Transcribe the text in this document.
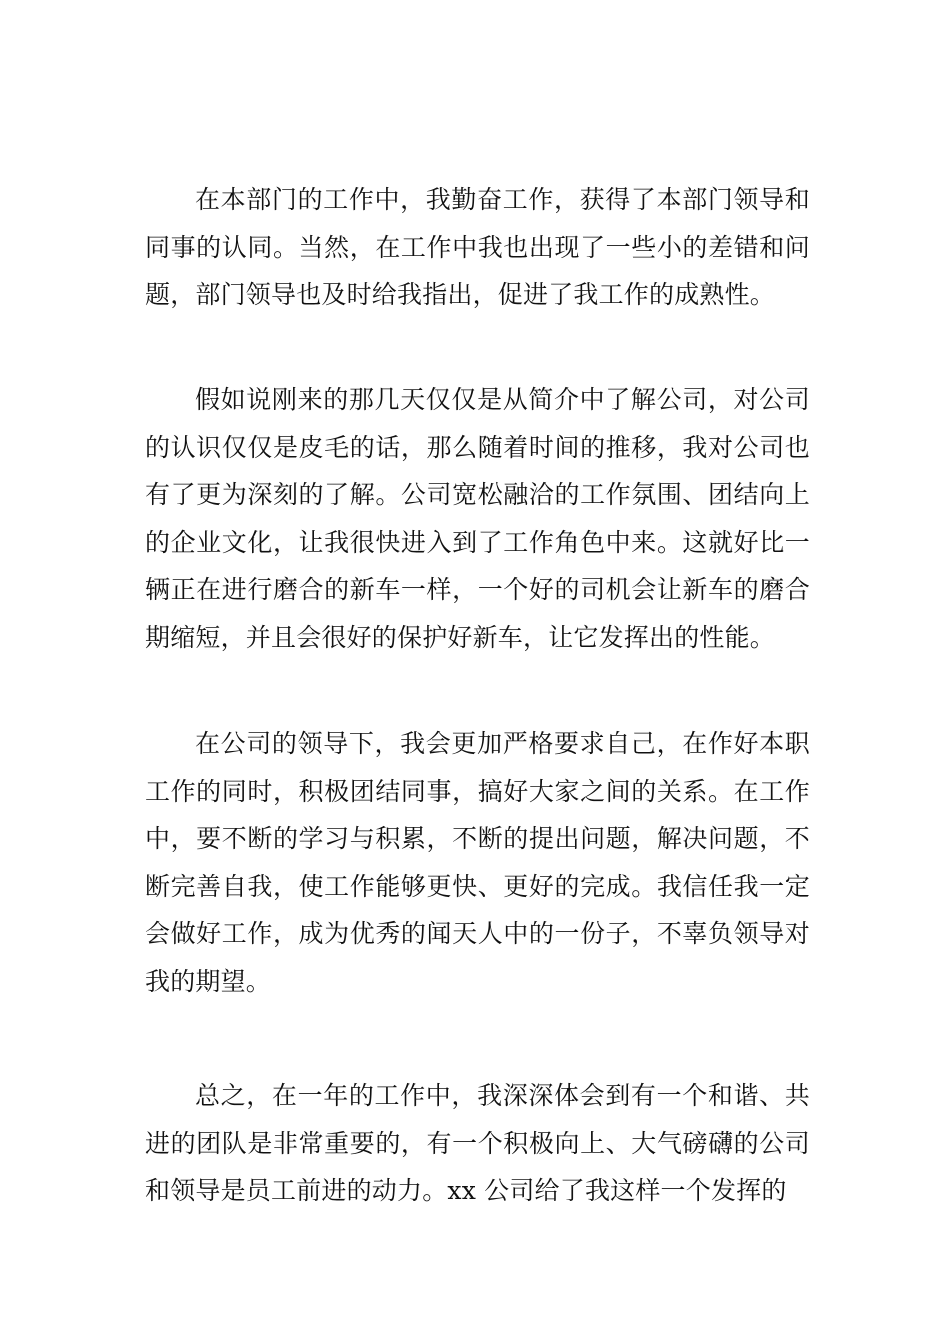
在本部门的工作中，我勤奋工作，获得了本部门领导和同事的认同。当然，在工作中我也出现了一些小的差错和问题，部门领导也及时给我指出，促进了我工作的成熟性。

假如说刚来的那几天仅仅是从简介中了解公司，对公司的认识仅仅是皮毛的话，那么随着时间的推移，我对公司也有了更为深刻的了解。公司宽松融洽的工作氛围、团结向上的企业文化，让我很快进入到了工作角色中来。这就好比一辆正在进行磨合的新车一样，一个好的司机会让新车的磨合期缩短，并且会很好的保护好新车，让它发挥出的性能。

在公司的领导下，我会更加严格要求自己，在作好本职工作的同时，积极团结同事，搞好大家之间的关系。在工作中，要不断的学习与积累，不断的提出问题，解决问题，不断完善自我，使工作能够更快、更好的完成。我信任我一定会做好工作，成为优秀的闻天人中的一份子，不辜负领导对我的期望。

总之，在一年的工作中，我深深体会到有一个和谐、共进的团队是非常重要的，有一个积极向上、大气磅礴的公司和领导是员工前进的动力。xx 公司给了我这样一个发挥的
